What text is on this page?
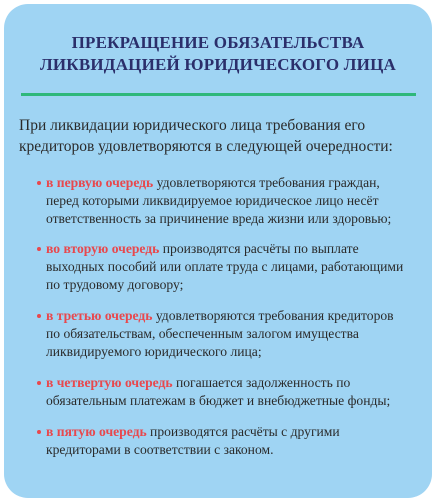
ПРЕКРАЩЕНИЕ ОБЯЗАТЕЛЬСТВА
ЛИКВИДАЦИЕЙ ЮРИДИЧЕСКОГО ЛИЦА
При ликвидации юридического лица требования его
кредиторов удовлетворяются в следующей очередности:
в первую очередь удовлетворяются требования граждан,
перед которыми ликвидируемое юридическое лицо несёт
ответственность за причинение вреда жизни или здоровью;
во вторую очередь производятся расчёты по выплате
выходных пособий или оплате труда с лицами, работающими
по трудовому договору;
в третью очередь удовлетворяются требования кредиторов
по обязательствам, обеспеченным залогом имущества
ликвидируемого юридического лица;
в четвертую очередь погашается задолженность по
обязательным платежам в бюджет и внебюджетные фонды;
в пятую очередь производятся расчёты с другими
кредиторами в соответствии с законом.
